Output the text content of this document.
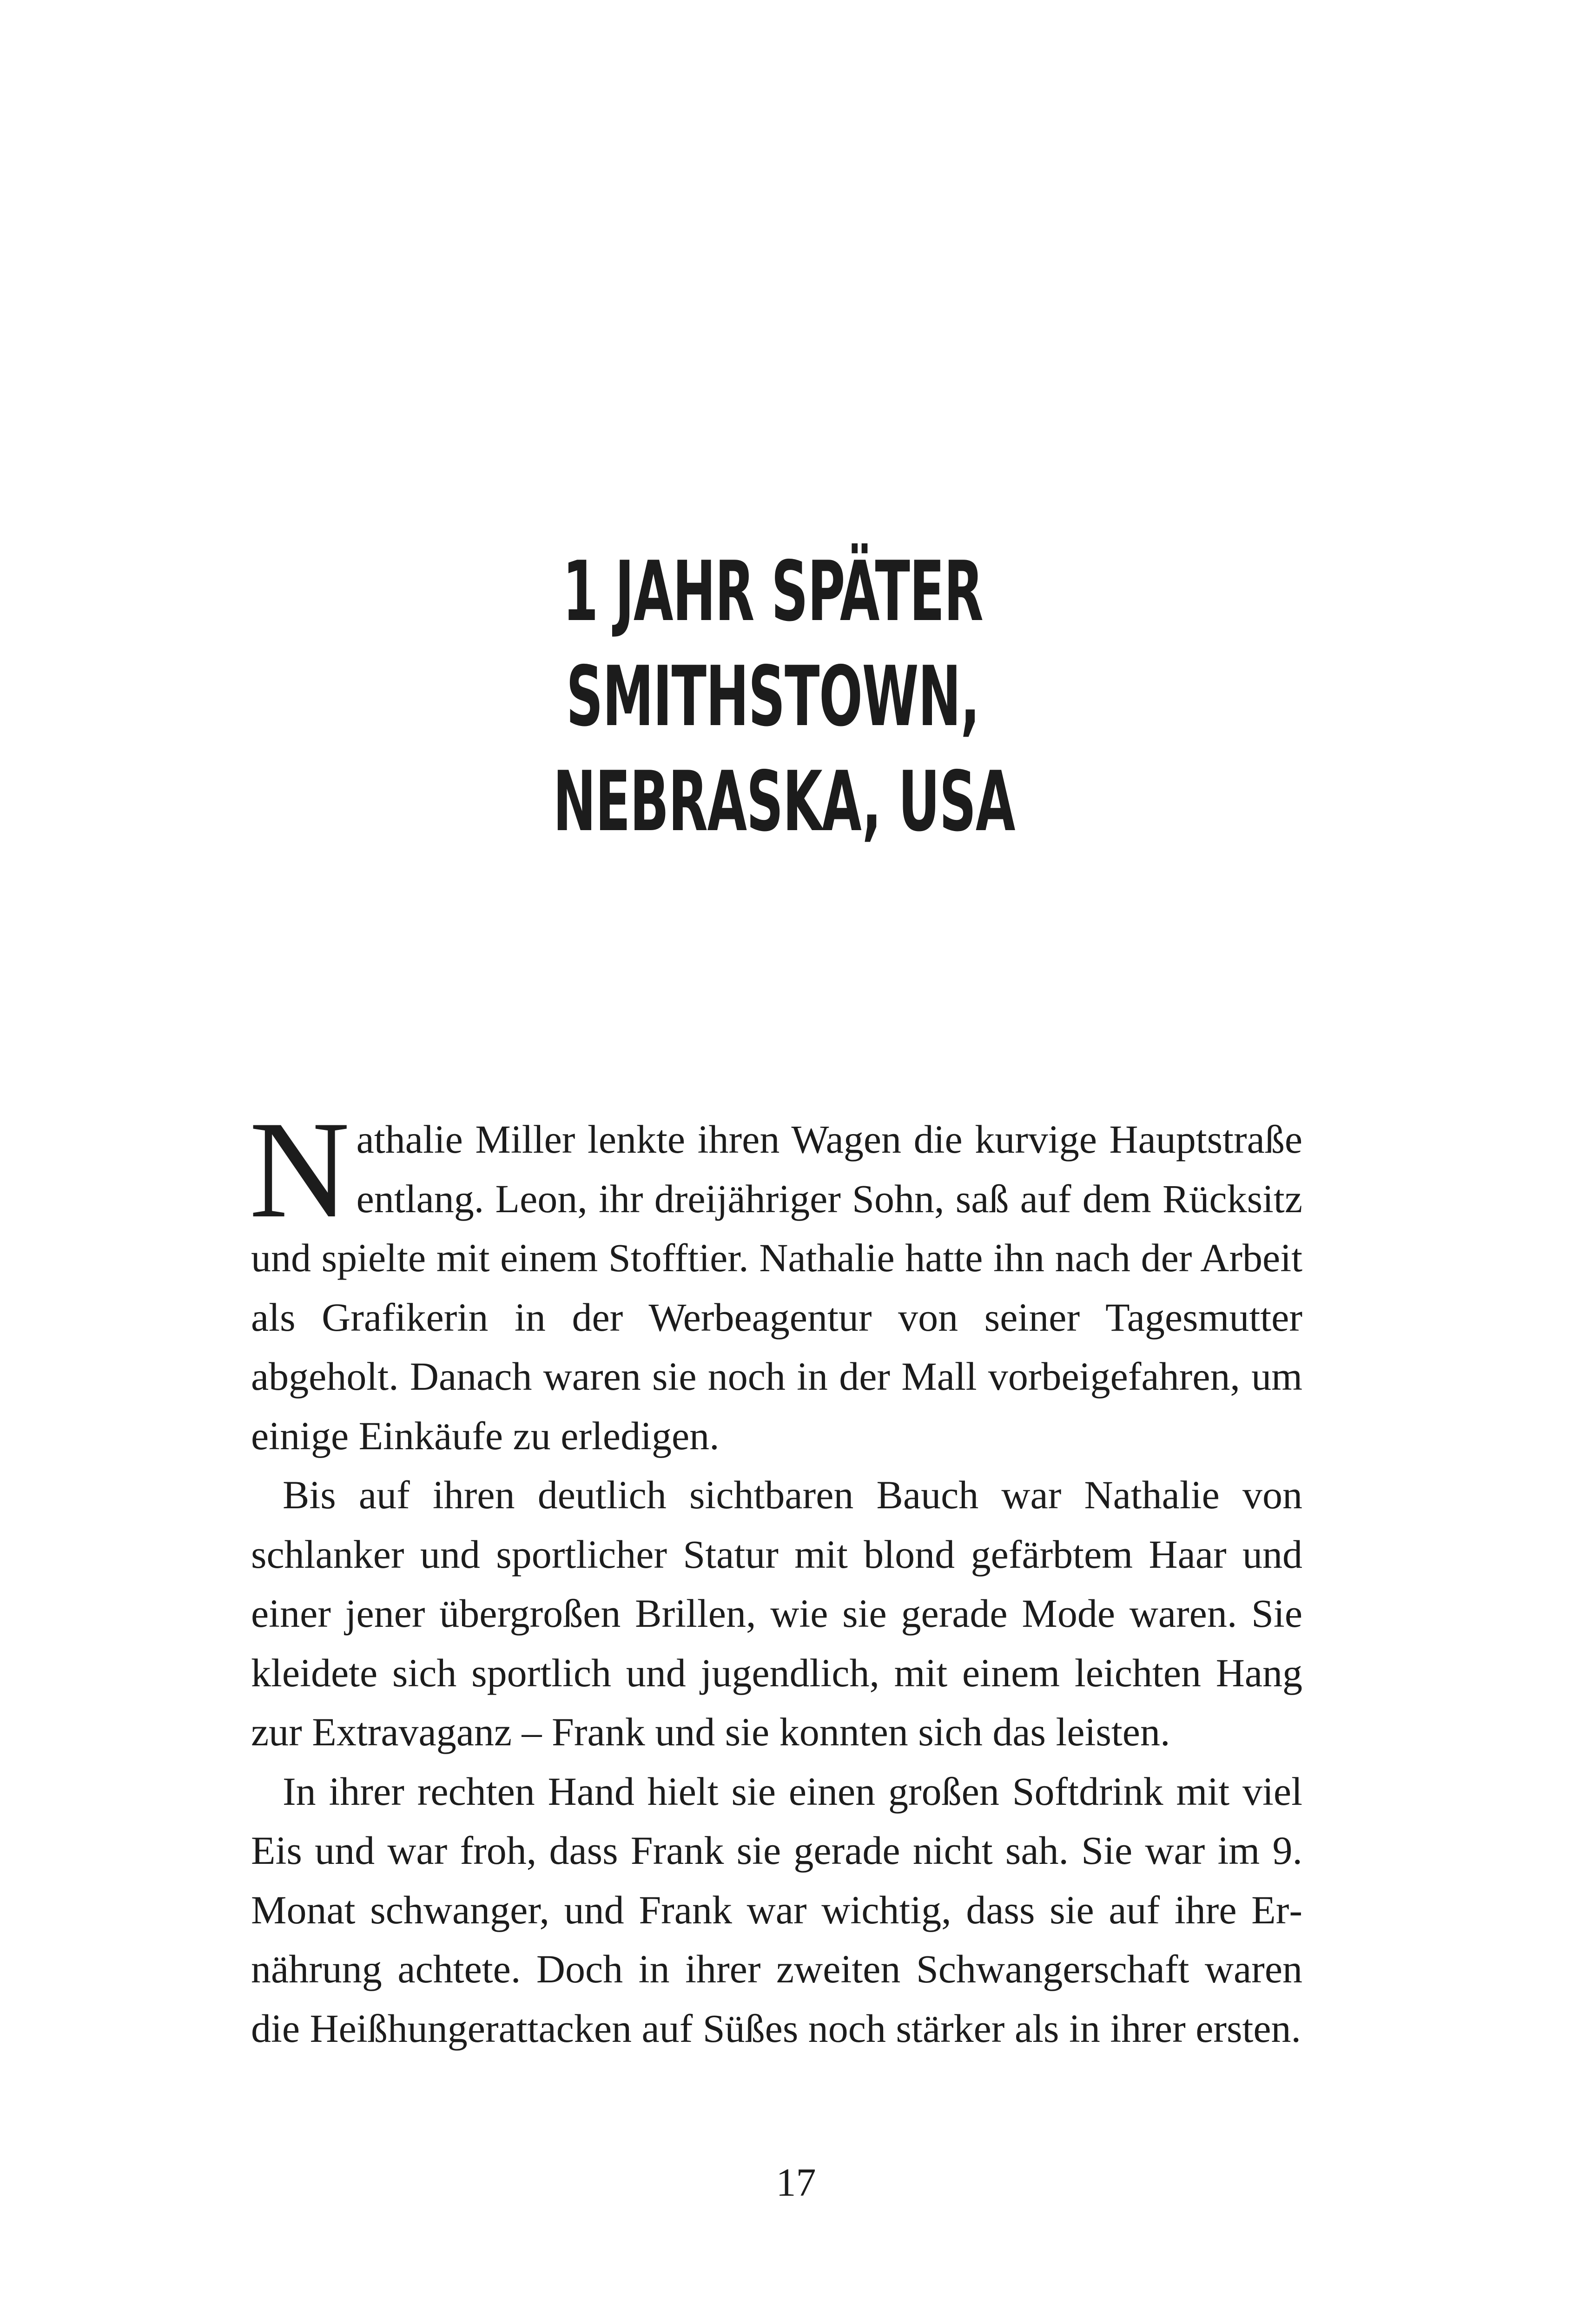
1 JAHR SPÄTER
SMITHSTOWN,
NEBRASKA, USA

Nathalie Miller lenkte ihren Wagen die kurvige Hauptstraße entlang. Leon, ihr dreijähriger Sohn, saß auf dem Rücksitz und spielte mit einem Stofftier. Nathalie hatte ihn nach der Arbeit als Grafikerin in der Werbeagentur von seiner Tagesmutter abgeholt. Danach waren sie noch in der Mall vorbeigefahren, um einige Einkäufe zu erledigen.

Bis auf ihren deutlich sichtbaren Bauch war Nathalie von schlanker und sportlicher Statur mit blond gefärbtem Haar und einer jener übergroßen Brillen, wie sie gerade Mode waren. Sie kleidete sich sportlich und jugendlich, mit einem leichten Hang zur Extravaganz – Frank und sie konnten sich das leisten.

In ihrer rechten Hand hielt sie einen großen Softdrink mit viel Eis und war froh, dass Frank sie gerade nicht sah. Sie war im 9. Monat schwanger, und Frank war wichtig, dass sie auf ihre Ernährung achtete. Doch in ihrer zweiten Schwangerschaft waren die Heißhungerattacken auf Süßes noch stärker als in ihrer ersten.

17
